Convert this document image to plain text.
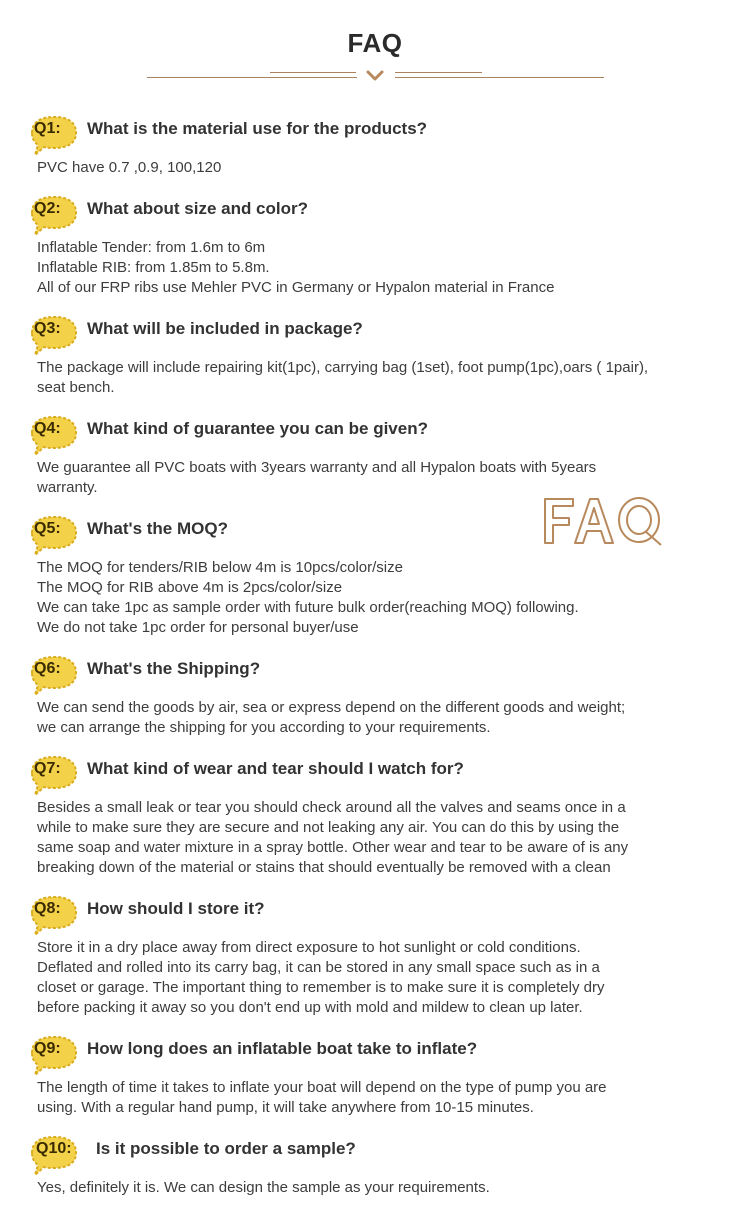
FAQ
Q1: What is the material use for the products?
PVC have 0.7 ,0.9, 100,120
Q2: What about size and color?
Inflatable Tender: from 1.6m to 6m
Inflatable RIB: from 1.85m to 5.8m.
All of our FRP ribs use Mehler PVC in Germany or Hypalon material in France
Q3: What will be included in package?
The package will include repairing kit(1pc), carrying bag (1set), foot pump(1pc),oars ( 1pair),
seat bench.
Q4: What kind of guarantee you can be given?
We guarantee all PVC boats with 3years warranty and all Hypalon boats with 5years
warranty.
Q5: What's the MOQ?
The MOQ for tenders/RIB below 4m is 10pcs/color/size
The MOQ for RIB above 4m is 2pcs/color/size
We can take 1pc as sample order with future bulk order(reaching MOQ) following.
We do not take 1pc order for personal buyer/use
Q6: What's the Shipping?
We can send the goods by air, sea or express depend on the different goods and weight;
we can arrange the shipping for you according to your requirements.
Q7: What kind of wear and tear should I watch for?
Besides a small leak or tear you should check around all the valves and seams once in a
while to make sure they are secure and not leaking any air. You can do this by using the
same soap and water mixture in a spray bottle. Other wear and tear to be aware of is any
breaking down of the material or stains that should eventually be removed with a clean
Q8: How should I store it?
Store it in a dry place away from direct exposure to hot sunlight or cold conditions.
Deflated and rolled into its carry bag, it can be stored in any small space such as in a
closet or garage. The important thing to remember is to make sure it is completely dry
before packing it away so you don't end up with mold and mildew to clean up later.
Q9: How long does an inflatable boat take to inflate?
The length of time it takes to inflate your boat will depend on the type of pump you are
using. With a regular hand pump, it will take anywhere from 10-15 minutes.
Q10: Is it possible to order a sample?
Yes, definitely it is. We can design the sample as your requirements.
